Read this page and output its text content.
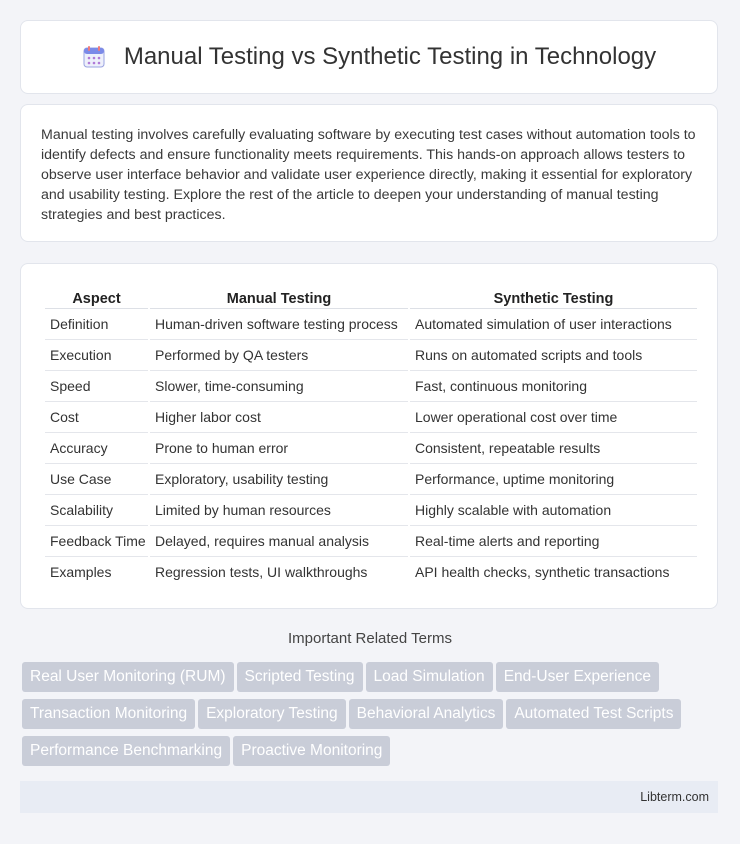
Manual Testing vs Synthetic Testing in Technology

Manual testing involves carefully evaluating software by executing test cases without automation tools to identify defects and ensure functionality meets requirements. This hands-on approach allows testers to observe user interface behavior and validate user experience directly, making it essential for exploratory and usability testing. Explore the rest of the article to deepen your understanding of manual testing strategies and best practices.

Aspect	Manual Testing	Synthetic Testing
Definition	Human-driven software testing process	Automated simulation of user interactions
Execution	Performed by QA testers	Runs on automated scripts and tools
Speed	Slower, time-consuming	Fast, continuous monitoring
Cost	Higher labor cost	Lower operational cost over time
Accuracy	Prone to human error	Consistent, repeatable results
Use Case	Exploratory, usability testing	Performance, uptime monitoring
Scalability	Limited by human resources	Highly scalable with automation
Feedback Time	Delayed, requires manual analysis	Real-time alerts and reporting
Examples	Regression tests, UI walkthroughs	API health checks, synthetic transactions
Important Related Terms
Real User Monitoring (RUM) Scripted Testing Load Simulation End-User ExperienceTransaction Monitoring Exploratory Testing Behavioral Analytics Automated Test ScriptsPerformance Benchmarking Proactive Monitoring
Libterm.com
